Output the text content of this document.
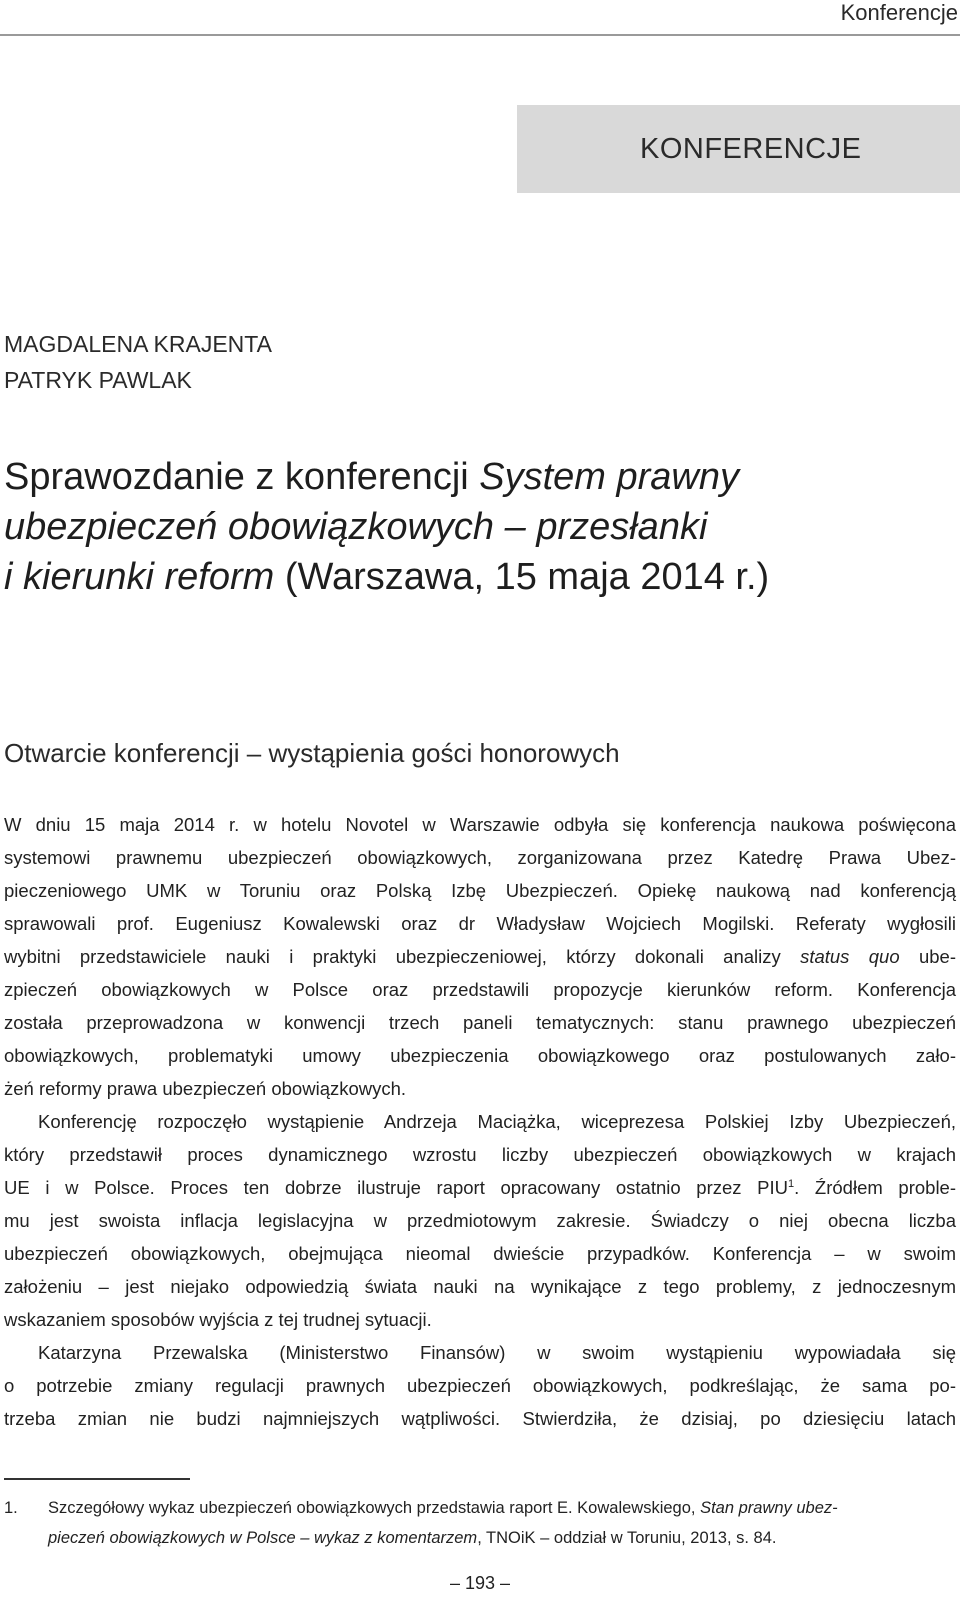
Konferencje
KONFERENCJE
MAGDALENA KRAJENTA
PATRYK PAWLAK
Sprawozdanie z konferencji System prawny
ubezpieczeń obowiązkowych – przesłanki
i kierunki reform (Warszawa, 15 maja 2014 r.)
Otwarcie konferencji – wystąpienia gości honorowych
W dniu 15 maja 2014 r. w hotelu Novotel w Warszawie odbyła się konferencja naukowa poświęcona
systemowi prawnemu ubezpieczeń obowiązkowych, zorganizowana przez Katedrę Prawa Ubez-
pieczeniowego UMK w Toruniu oraz Polską Izbę Ubezpieczeń. Opiekę naukową nad konferencją
sprawowali prof. Eugeniusz Kowalewski oraz dr Władysław Wojciech Mogilski. Referaty wygłosili
wybitni przedstawiciele nauki i praktyki ubezpieczeniowej, którzy dokonali analizy status quo ube-
zpieczeń obowiązkowych w Polsce oraz przedstawili propozycje kierunków reform. Konferencja
została przeprowadzona w konwencji trzech paneli tematycznych: stanu prawnego ubezpieczeń
obowiązkowych, problematyki umowy ubezpieczenia obowiązkowego oraz postulowanych zało-
żeń reformy prawa ubezpieczeń obowiązkowych.
Konferencję rozpoczęło wystąpienie Andrzeja Maciążka, wiceprezesa Polskiej Izby Ubezpieczeń,
który przedstawił proces dynamicznego wzrostu liczby ubezpieczeń obowiązkowych w krajach
UE i w Polsce. Proces ten dobrze ilustruje raport opracowany ostatnio przez PIU$^1$. Źródłem proble-
mu jest swoista inflacja legislacyjna w przedmiotowym zakresie. Świadczy o niej obecna liczba
ubezpieczeń obowiązkowych, obejmująca nieomal dwieście przypadków. Konferencja – w swoim
założeniu – jest niejako odpowiedzią świata nauki na wynikające z tego problemy, z jednoczesnym
wskazaniem sposobów wyjścia z tej trudnej sytuacji.
Katarzyna Przewalska (Ministerstwo Finansów) w swoim wystąpieniu wypowiadała się
o potrzebie zmiany regulacji prawnych ubezpieczeń obowiązkowych, podkreślając, że sama po-
trzeba zmian nie budzi najmniejszych wątpliwości. Stwierdziła, że dzisiaj, po dziesięciu latach
1. Szczegółowy wykaz ubezpieczeń obowiązkowych przedstawia raport E. Kowalewskiego, Stan prawny ubez-
pieczeń obowiązkowych w Polsce – wykaz z komentarzem, TNOiK – oddział w Toruniu, 2013, s. 84.
– 193 –
